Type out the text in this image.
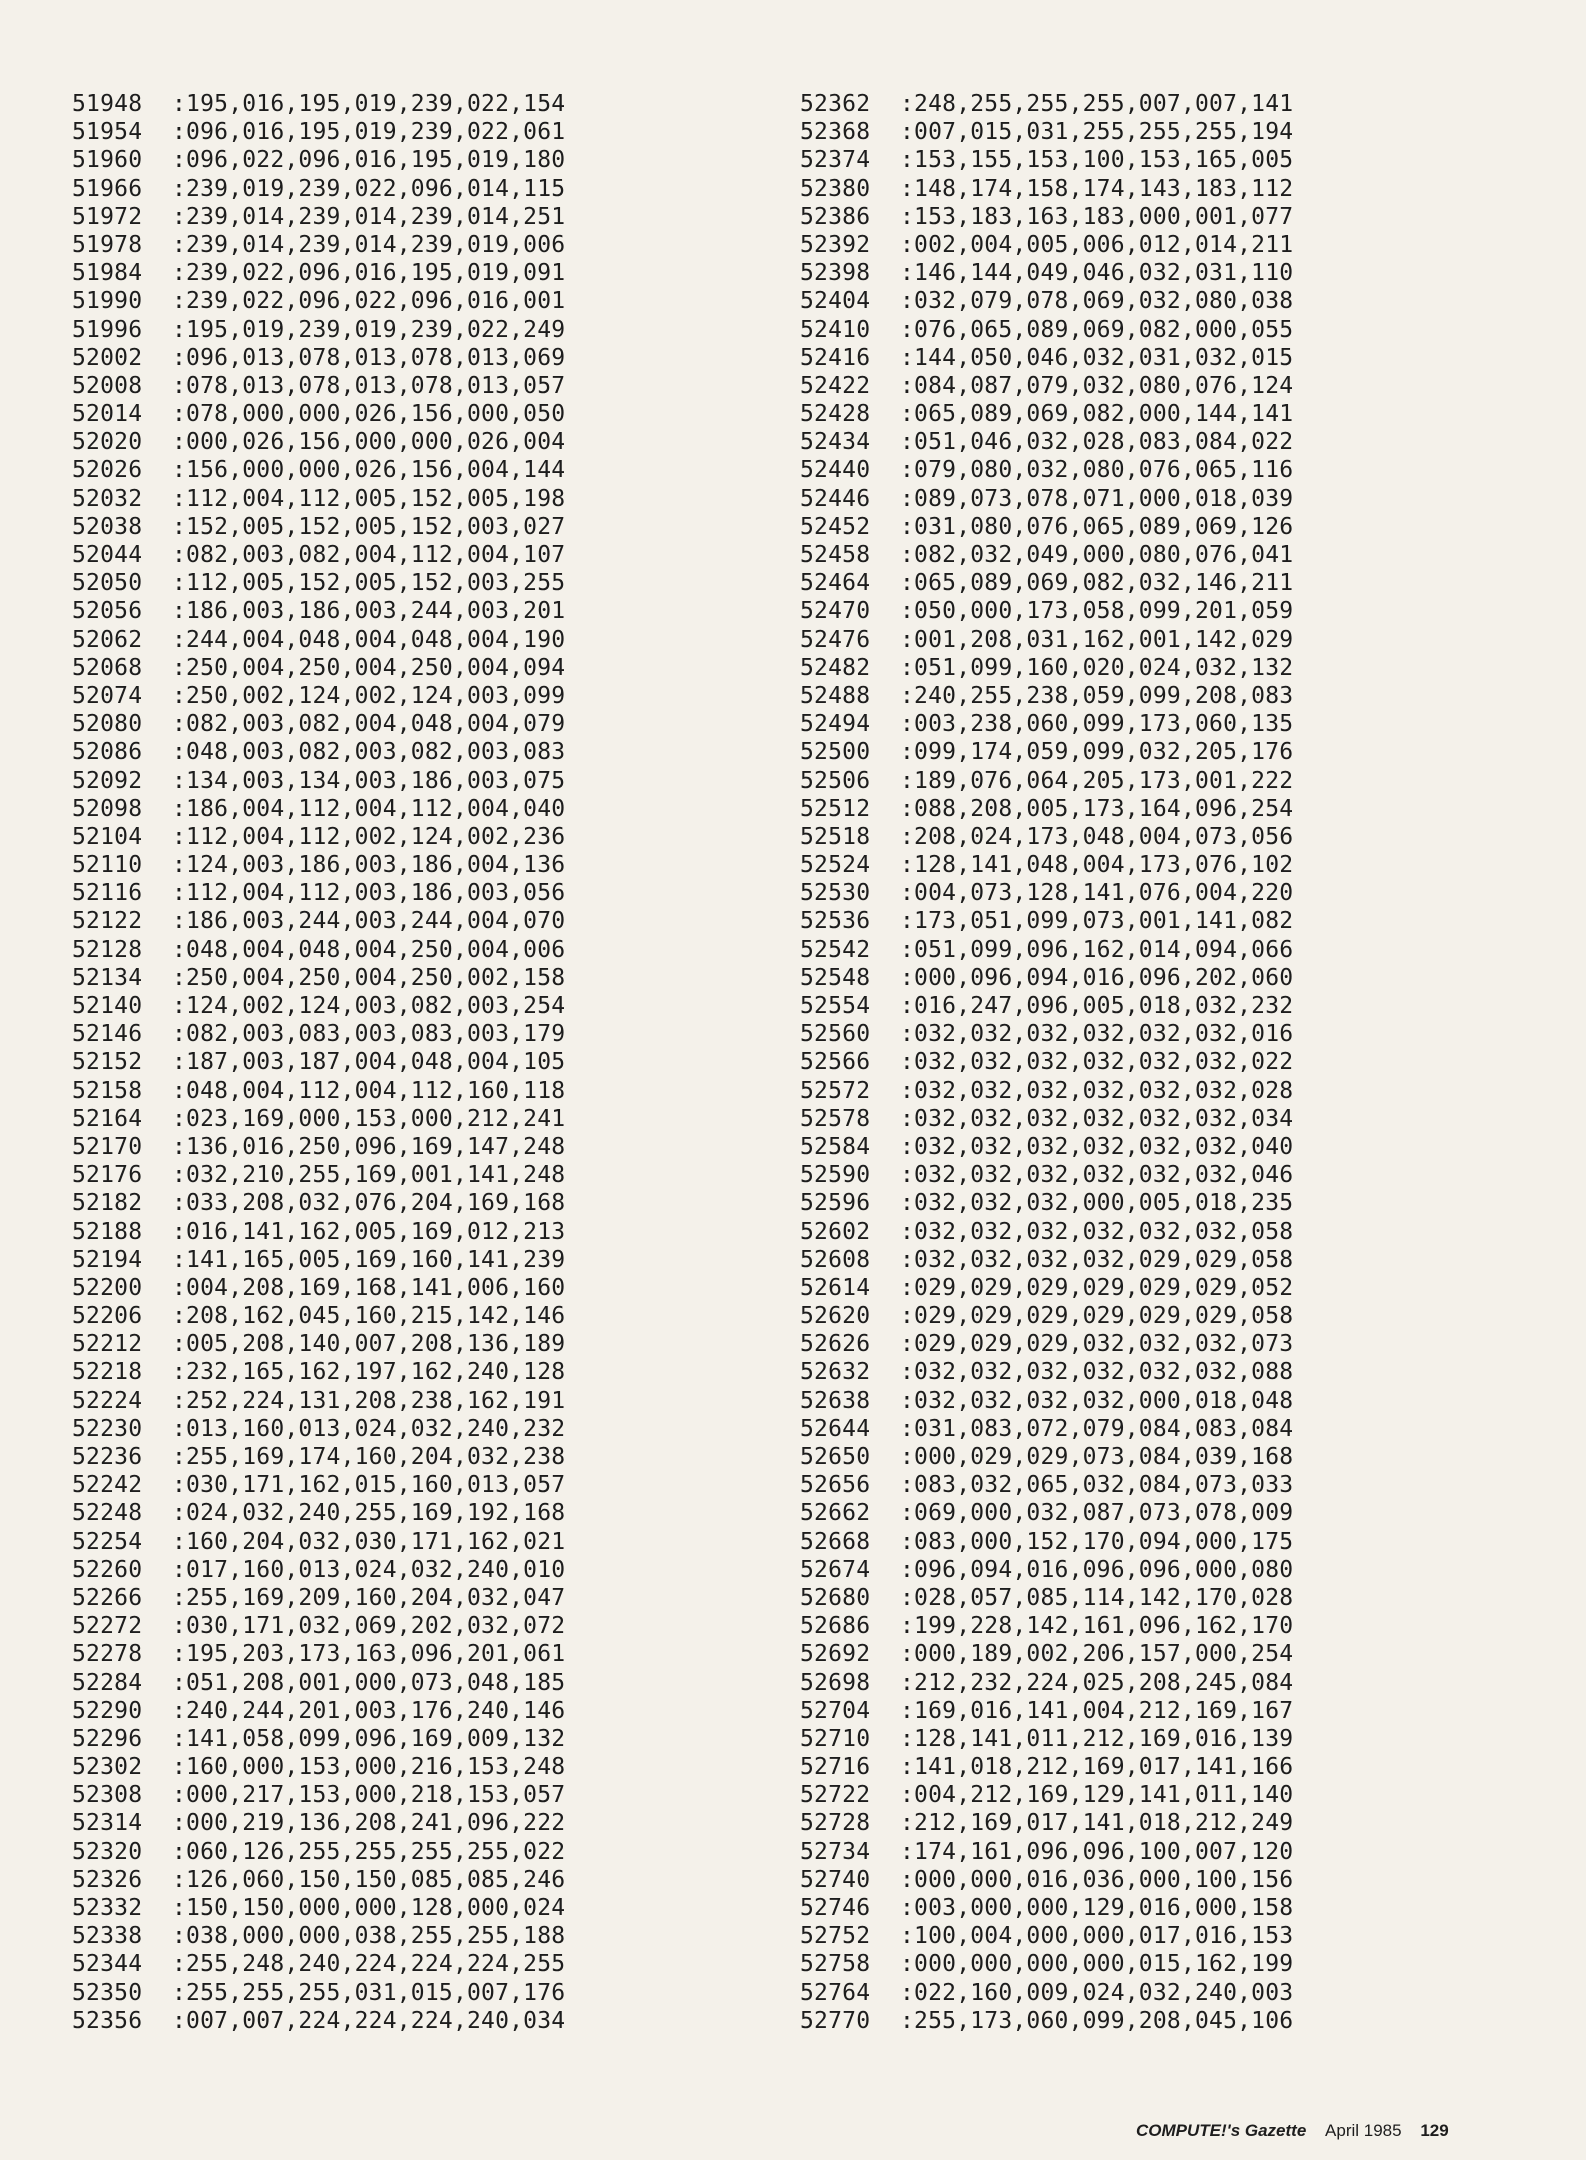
51948 :195,016,195,019,239,022,154
51954 :096,016,195,019,239,022,061
51960 :096,022,096,016,195,019,180
51966 :239,019,239,022,096,014,115
51972 :239,014,239,014,239,014,251
51978 :239,014,239,014,239,019,006
51984 :239,022,096,016,195,019,091
51990 :239,022,096,022,096,016,001
51996 :195,019,239,019,239,022,249
52002 :096,013,078,013,078,013,069
52008 :078,013,078,013,078,013,057
52014 :078,000,000,026,156,000,050
52020 :000,026,156,000,000,026,004
52026 :156,000,000,026,156,004,144
52032 :112,004,112,005,152,005,198
52038 :152,005,152,005,152,003,027
52044 :082,003,082,004,112,004,107
52050 :112,005,152,005,152,003,255
52056 :186,003,186,003,244,003,201
52062 :244,004,048,004,048,004,190
52068 :250,004,250,004,250,004,094
52074 :250,002,124,002,124,003,099
52080 :082,003,082,004,048,004,079
52086 :048,003,082,003,082,003,083
52092 :134,003,134,003,186,003,075
52098 :186,004,112,004,112,004,040
52104 :112,004,112,002,124,002,236
52110 :124,003,186,003,186,004,136
52116 :112,004,112,003,186,003,056
52122 :186,003,244,003,244,004,070
52128 :048,004,048,004,250,004,006
52134 :250,004,250,004,250,002,158
52140 :124,002,124,003,082,003,254
52146 :082,003,083,003,083,003,179
52152 :187,003,187,004,048,004,105
52158 :048,004,112,004,112,160,118
52164 :023,169,000,153,000,212,241
52170 :136,016,250,096,169,147,248
52176 :032,210,255,169,001,141,248
52182 :033,208,032,076,204,169,168
52188 :016,141,162,005,169,012,213
52194 :141,165,005,169,160,141,239
52200 :004,208,169,168,141,006,160
52206 :208,162,045,160,215,142,146
52212 :005,208,140,007,208,136,189
52218 :232,165,162,197,162,240,128
52224 :252,224,131,208,238,162,191
52230 :013,160,013,024,032,240,232
52236 :255,169,174,160,204,032,238
52242 :030,171,162,015,160,013,057
52248 :024,032,240,255,169,192,168
52254 :160,204,032,030,171,162,021
52260 :017,160,013,024,032,240,010
52266 :255,169,209,160,204,032,047
52272 :030,171,032,069,202,032,072
52278 :195,203,173,163,096,201,061
52284 :051,208,001,000,073,048,185
52290 :240,244,201,003,176,240,146
52296 :141,058,099,096,169,009,132
52302 :160,000,153,000,216,153,248
52308 :000,217,153,000,218,153,057
52314 :000,219,136,208,241,096,222
52320 :060,126,255,255,255,255,022
52326 :126,060,150,150,085,085,246
52332 :150,150,000,000,128,000,024
52338 :038,000,000,038,255,255,188
52344 :255,248,240,224,224,224,255
52350 :255,255,255,031,015,007,176
52356 :007,007,224,224,224,240,034
52362 :248,255,255,255,007,007,141
52368 :007,015,031,255,255,255,194
52374 :153,155,153,100,153,165,005
52380 :148,174,158,174,143,183,112
52386 :153,183,163,183,000,001,077
52392 :002,004,005,006,012,014,211
52398 :146,144,049,046,032,031,110
52404 :032,079,078,069,032,080,038
52410 :076,065,089,069,082,000,055
52416 :144,050,046,032,031,032,015
52422 :084,087,079,032,080,076,124
52428 :065,089,069,082,000,144,141
52434 :051,046,032,028,083,084,022
52440 :079,080,032,080,076,065,116
52446 :089,073,078,071,000,018,039
52452 :031,080,076,065,089,069,126
52458 :082,032,049,000,080,076,041
52464 :065,089,069,082,032,146,211
52470 :050,000,173,058,099,201,059
52476 :001,208,031,162,001,142,029
52482 :051,099,160,020,024,032,132
52488 :240,255,238,059,099,208,083
52494 :003,238,060,099,173,060,135
52500 :099,174,059,099,032,205,176
52506 :189,076,064,205,173,001,222
52512 :088,208,005,173,164,096,254
52518 :208,024,173,048,004,073,056
52524 :128,141,048,004,173,076,102
52530 :004,073,128,141,076,004,220
52536 :173,051,099,073,001,141,082
52542 :051,099,096,162,014,094,066
52548 :000,096,094,016,096,202,060
52554 :016,247,096,005,018,032,232
52560 :032,032,032,032,032,032,016
52566 :032,032,032,032,032,032,022
52572 :032,032,032,032,032,032,028
52578 :032,032,032,032,032,032,034
52584 :032,032,032,032,032,032,040
52590 :032,032,032,032,032,032,046
52596 :032,032,032,000,005,018,235
52602 :032,032,032,032,032,032,058
52608 :032,032,032,032,029,029,058
52614 :029,029,029,029,029,029,052
52620 :029,029,029,029,029,029,058
52626 :029,029,029,032,032,032,073
52632 :032,032,032,032,032,032,088
52638 :032,032,032,032,000,018,048
52644 :031,083,072,079,084,083,084
52650 :000,029,029,073,084,039,168
52656 :083,032,065,032,084,073,033
52662 :069,000,032,087,073,078,009
52668 :083,000,152,170,094,000,175
52674 :096,094,016,096,096,000,080
52680 :028,057,085,114,142,170,028
52686 :199,228,142,161,096,162,170
52692 :000,189,002,206,157,000,254
52698 :212,232,224,025,208,245,084
52704 :169,016,141,004,212,169,167
52710 :128,141,011,212,169,016,139
52716 :141,018,212,169,017,141,166
52722 :004,212,169,129,141,011,140
52728 :212,169,017,141,018,212,249
52734 :174,161,096,096,100,007,120
52740 :000,000,016,036,000,100,156
52746 :003,000,000,129,016,000,158
52752 :100,004,000,000,017,016,153
52758 :000,000,000,000,015,162,199
52764 :022,160,009,024,032,240,003
52770 :255,173,060,099,208,045,106
COMPUTE!'s Gazette April 1985 129
